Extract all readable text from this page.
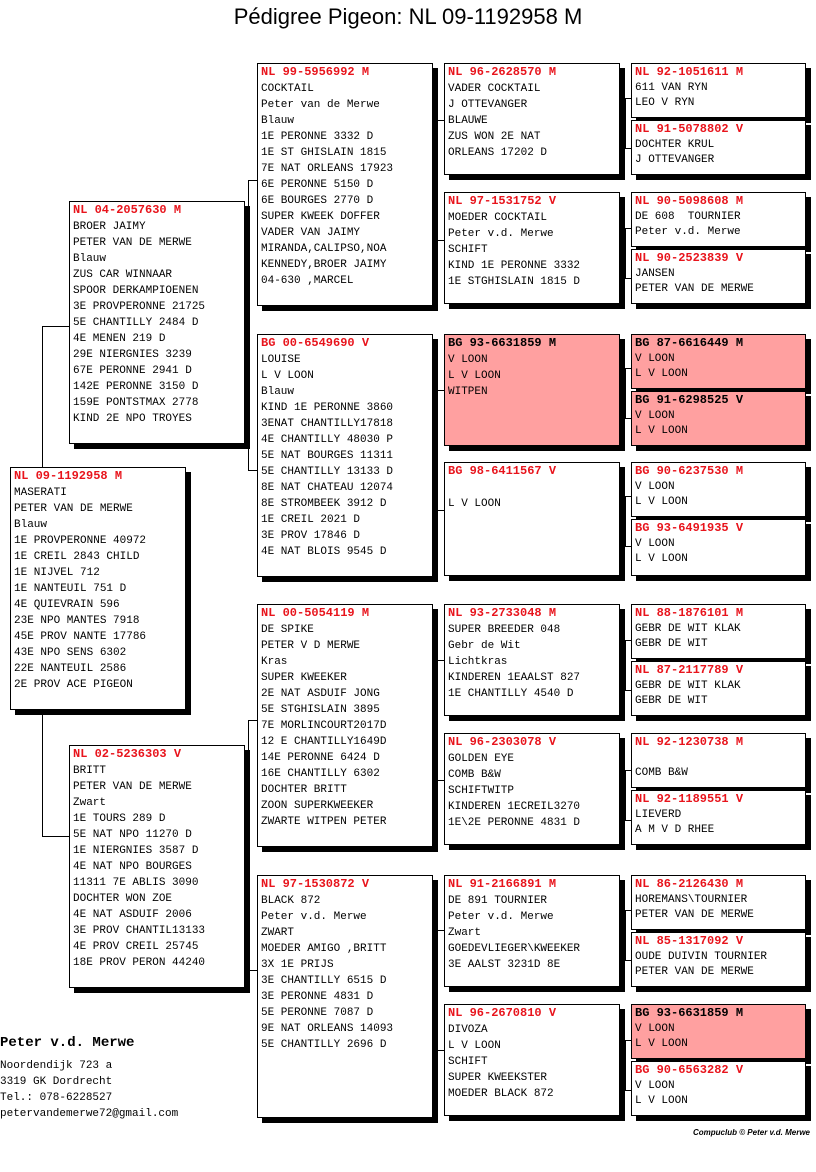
Pédigree Pigeon: NL 09-1192958 M
NL 09-1192958 M
MASERATI
PETER VAN DE MERWE
Blauw
1E PROVPERONNE 40972
1E CREIL 2843 CHILD
1E NIJVEL 712
1E NANTEUIL 751 D
4E QUIEVRAIN 596
23E NPO MANTES 7918
45E PROV NANTE 17786
43E NPO SENS 6302
22E NANTEUIL 2586
2E PROV ACE PIGEON
NL 04-2057630 M
BROER JAIMY
PETER VAN DE MERWE
Blauw
ZUS CAR WINNAAR
SPOOR DERKAMPIOENEN
3E PROVPERONNE 21725
5E CHANTILLY 2484 D
4E MENEN 219 D
29E NIERGNIES 3239
67E PERONNE 2941 D
142E PERONNE 3150 D
159E PONTSTMAX 2778
KIND 2E NPO TROYES
NL 02-5236303 V
BRITT
PETER VAN DE MERWE
Zwart
1E TOURS 289 D
5E NAT NPO 11270 D
1E NIERGNIES 3587 D
4E NAT NPO BOURGES
11311 7E ABLIS 3090
DOCHTER WON ZOE
4E NAT ASDUIF 2006
3E PROV CHANTIL13133
4E PROV CREIL 25745
18E PROV PERON 44240
NL 99-5956992 M
COCKTAIL
Peter van de Merwe
Blauw
1E PERONNE 3332 D
1E ST GHISLAIN 1815
7E NAT ORLEANS 17923
6E PERONNE 5150 D
6E BOURGES 2770 D
SUPER KWEEK DOFFER
VADER VAN JAIMY
MIRANDA,CALIPSO,NOA
KENNEDY,BROER JAIMY
04-630 ,MARCEL
BG 00-6549690 V
LOUISE
L V LOON
Blauw
KIND 1E PERONNE 3860
3ENAT CHANTILLY17818
4E CHANTILLY 48030 P
5E NAT BOURGES 11311
5E CHANTILLY 13133 D
8E NAT CHATEAU 12074
8E STROMBEEK 3912 D
1E CREIL 2021 D
3E PROV 17846 D
4E NAT BLOIS 9545 D
NL 00-5054119 M
DE SPIKE
PETER V D MERWE
Kras
SUPER KWEEKER
2E NAT ASDUIF JONG
5E STGHISLAIN 3895
7E MORLINCOURT2017D
12 E CHANTILLY1649D
14E PERONNE 6424 D
16E CHANTILLY 6302
DOCHTER BRITT
ZOON SUPERKWEEKER
ZWARTE WITPEN PETER
NL 97-1530872 V
BLACK 872
Peter v.d. Merwe
ZWART
MOEDER AMIGO ,BRITT
3X 1E PRIJS
3E CHANTILLY 6515 D
3E PERONNE 4831 D
5E PERONNE 7087 D
9E NAT ORLEANS 14093
5E CHANTILLY 2696 D
NL 96-2628570 M
VADER COCKTAIL
J OTTEVANGER
BLAUWE
ZUS WON 2E NAT
ORLEANS 17202 D
NL 97-1531752 V
MOEDER COCKTAIL
Peter v.d. Merwe
SCHIFT
KIND 1E PERONNE 3332
1E STGHISLAIN 1815 D
BG 93-6631859 M
V LOON
L V LOON
WITPEN
BG 98-6411567 V
L V LOON
NL 93-2733048 M
SUPER BREEDER 048
Gebr de Wit
Lichtkras
KINDEREN 1EAALST 827
1E CHANTILLY 4540 D
NL 96-2303078 V
GOLDEN EYE
COMB B&W
SCHIFTWITP
KINDEREN 1ECREIL3270
1E\2E PERONNE 4831 D
NL 91-2166891 M
DE 891 TOURNIER
Peter v.d. Merwe
Zwart
GOEDEVLIEGER\KWEEKER
3E AALST 3231D 8E
NL 96-2670810 V
DIVOZA
L V LOON
SCHIFT
SUPER KWEEKSTER
MOEDER BLACK 872
NL 92-1051611 M
611 VAN RYN
LEO V RYN
NL 91-5078802 V
DOCHTER KRUL
J OTTEVANGER
NL 90-5098608 M
DE 608  TOURNIER
Peter v.d. Merwe
NL 90-2523839 V
JANSEN
PETER VAN DE MERWE
BG 87-6616449 M
V LOON
L V LOON
BG 91-6298525 V
V LOON
L V LOON
BG 90-6237530 M
V LOON
L V LOON
BG 93-6491935 V
V LOON
L V LOON
NL 88-1876101 M
GEBR DE WIT KLAK
GEBR DE WIT
NL 87-2117789 V
GEBR DE WIT KLAK
GEBR DE WIT
NL 92-1230738 M
COMB B&W
NL 92-1189551 V
LIEVERD
A M V D RHEE
NL 86-2126430 M
HOREMANS\TOURNIER
PETER VAN DE MERWE
NL 85-1317092 V
OUDE DUIVIN TOURNIER
PETER VAN DE MERWE
BG 93-6631859 M
V LOON
L V LOON
BG 90-6563282 V
V LOON
L V LOON
Peter v.d. Merwe
Noordendijk 723 a
3319 GK Dordrecht
Tel.: 078-6228527
petervandemerwe72@gmail.com
Compuclub © Peter v.d. Merwe
